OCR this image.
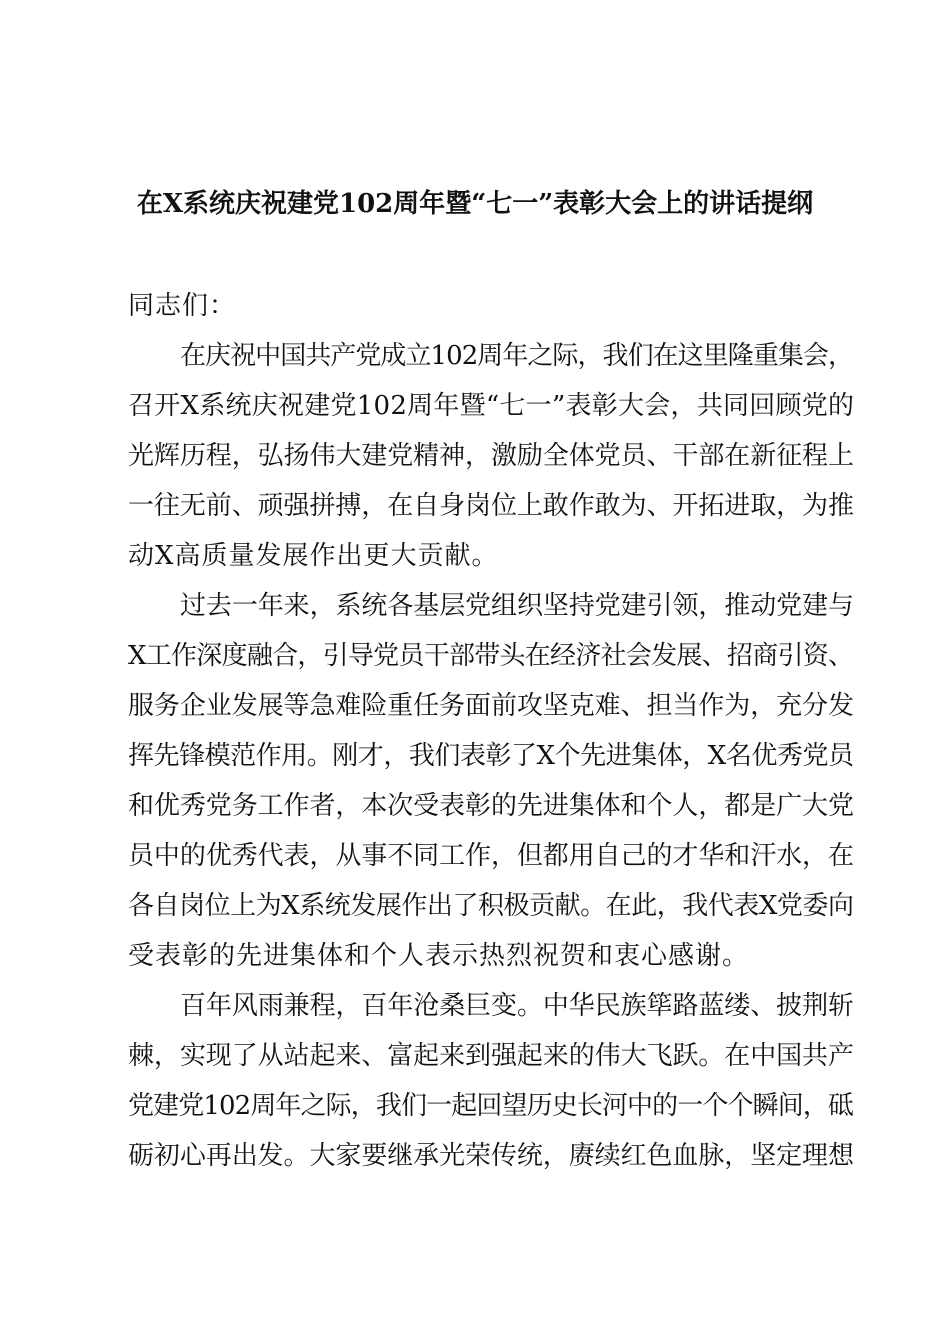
在X系统庆祝建党102周年暨“七一”表彰大会上的讲话提纲
同志们：
在庆祝中国共产党成立102周年之际，我们在这里隆重集会，
召开X系统庆祝建党102周年暨“七一”表彰大会，共同回顾党的
光辉历程，弘扬伟大建党精神，激励全体党员、干部在新征程上
一往无前、顽强拼搏，在自身岗位上敢作敢为、开拓进取，为推
动X高质量发展作出更大贡献。
过去一年来，系统各基层党组织坚持党建引领，推动党建与
X工作深度融合，引导党员干部带头在经济社会发展、招商引资、
服务企业发展等急难险重任务面前攻坚克难、担当作为，充分发
挥先锋模范作用。刚才，我们表彰了X个先进集体，X名优秀党员
和优秀党务工作者，本次受表彰的先进集体和个人，都是广大党
员中的优秀代表，从事不同工作，但都用自己的才华和汗水，在
各自岗位上为X系统发展作出了积极贡献。在此，我代表X党委向
受表彰的先进集体和个人表示热烈祝贺和衷心感谢。
百年风雨兼程，百年沧桑巨变。中华民族筚路蓝缕、披荆斩
棘，实现了从站起来、富起来到强起来的伟大飞跃。在中国共产
党建党102周年之际，我们一起回望历史长河中的一个个瞬间，砥
砺初心再出发。大家要继承光荣传统，赓续红色血脉，坚定理想
